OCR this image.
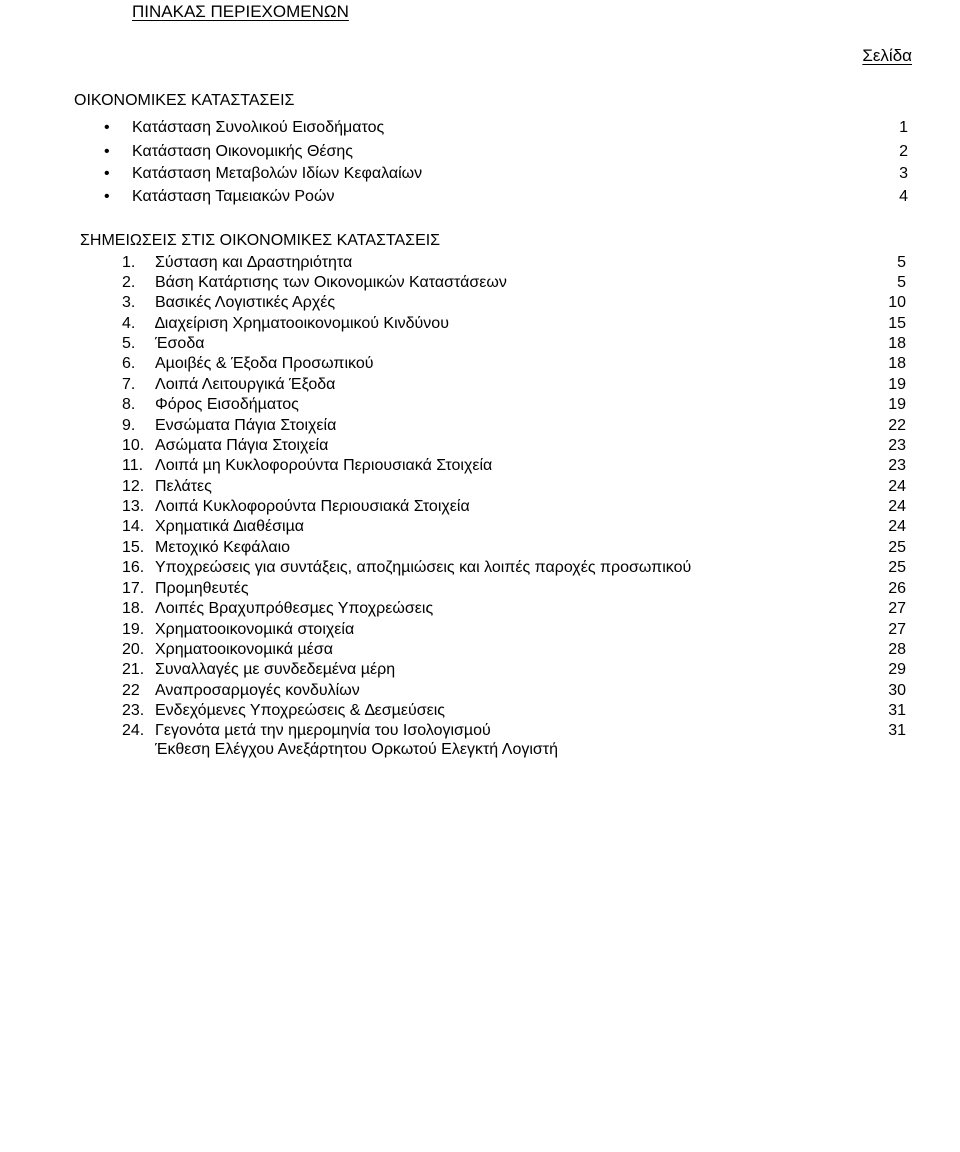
ΠΙΝΑΚΑΣ ΠΕΡΙΕΧΟΜΕΝΩΝ
Σελίδα
ΟΙΚΟΝΟΜΙΚΕΣ ΚΑΤΑΣΤΑΣΕΙΣ
• Κατάσταση Συνολικού Εισοδήματος	1
• Κατάσταση Οικονοµικής Θέσης	2
• Κατάσταση Μεταβολών Ιδίων Κεφαλαίων	3
• Κατάσταση Ταµειακών Ροών	4
ΣΗΜΕΙΩΣΕΙΣ ΣΤΙΣ ΟΙΚΟΝΟΜΙΚΕΣ ΚΑΤΑΣΤΑΣΕΙΣ
1. Σύσταση και ∆ραστηριότητα	5
2. Βάση Κατάρτισης των Οικονοµικών Καταστάσεων	5
3. Βασικές Λογιστικές Αρχές	10
4. ∆ιαχείριση Χρηµατοοικονοµικού Κινδύνου	15
5. Έσοδα	18
6. Αµοιβές & Έξοδα Προσωπικού	18
7. Λοιπά Λειτουργικά Έξοδα	19
8. Φόρος Εισοδήµατος	19
9. Ενσώµατα Πάγια Στοιχεία	22
10. Ασώµατα Πάγια Στοιχεία	23
11. Λοιπά µη Κυκλοφορούντα Περιουσιακά Στοιχεία	23
12. Πελάτες	24
13. Λοιπά Κυκλοφορούντα Περιουσιακά Στοιχεία	24
14. Χρηµατικά ∆ιαθέσιµα	24
15. Μετοχικό Κεφάλαιο	25
16. Υποχρεώσεις για συντάξεις, αποζηµιώσεις και λοιπές παροχές προσωπικού	25
17. Προµηθευτές	26
18. Λοιπές Βραχυπρόθεσµες Υποχρεώσεις	27
19. Χρηµατοοικονοµικά στοιχεία	27
20. Χρηµατοοικονοµικά µέσα	28
21. Συναλλαγές µε συνδεδεµένα µέρη	29
22 Αναπροσαρµογές κονδυλίων	30
23. Ενδεχόµενες Υποχρεώσεις & ∆εσµεύσεις	31
24. Γεγονότα µετά την ηµεροµηνία του Ισολογισµού	31
Έκθεση Ελέγχου Ανεξάρτητου Ορκωτού Ελεγκτή Λογιστή
